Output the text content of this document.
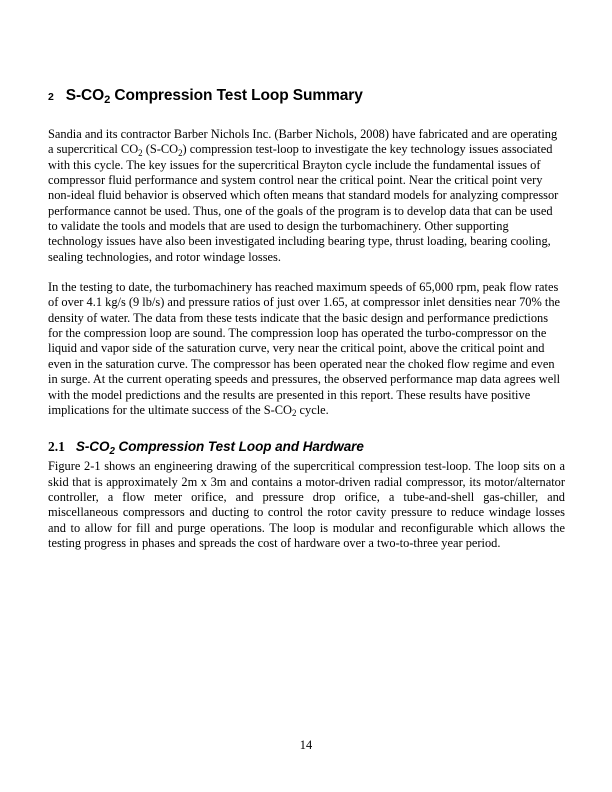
2 $S-CO_2$ Compression Test Loop Summary

Sandia and its contractor Barber Nichols Inc. (Barber Nichols, 2008) have fabricated and are operating a supercritical $CO_2$ $(S-CO_2)$ compression test-loop to investigate the key technology issues associated with this cycle. The key issues for the supercritical Brayton cycle include the fundamental issues of compressor fluid performance and system control near the critical point. Near the critical point very non-ideal fluid behavior is observed which often means that standard models for analyzing compressor performance cannot be used. Thus, one of the goals of the program is to develop data that can be used to validate the tools and models that are used to design the turbomachinery. Other supporting technology issues have also been investigated including bearing type, thrust loading, bearing cooling, sealing technologies, and rotor windage losses.

In the testing to date, the turbomachinery has reached maximum speeds of 65,000 rpm, peak flow rates of over 4.1 kg/s (9 lb/s) and pressure ratios of just over 1.65, at compressor inlet densities near 70% the density of water. The data from these tests indicate that the basic design and performance predictions for the compression loop are sound. The compression loop has operated the turbo-compressor on the liquid and vapor side of the saturation curve, very near the critical point, above the critical point and even in the saturation curve. The compressor has been operated near the choked flow regime and even in surge. At the current operating speeds and pressures, the observed performance map data agrees well with the model predictions and the results are presented in this report. These results have positive implications for the ultimate success of the $S-CO_2$ cycle.

2.1 $S-CO_2$ Compression Test Loop and Hardware

Figure 2-1 shows an engineering drawing of the supercritical compression test-loop. The loop sits on a skid that is approximately 2m x 3m and contains a motor-driven radial compressor, its motor/alternator controller, a flow meter orifice, and pressure drop orifice, a tube-and-shell gas-chiller, and miscellaneous compressors and ducting to control the rotor cavity pressure to reduce windage losses and to allow for fill and purge operations. The loop is modular and reconfigurable which allows the testing progress in phases and spreads the cost of hardware over a two-to-three year period.

14
